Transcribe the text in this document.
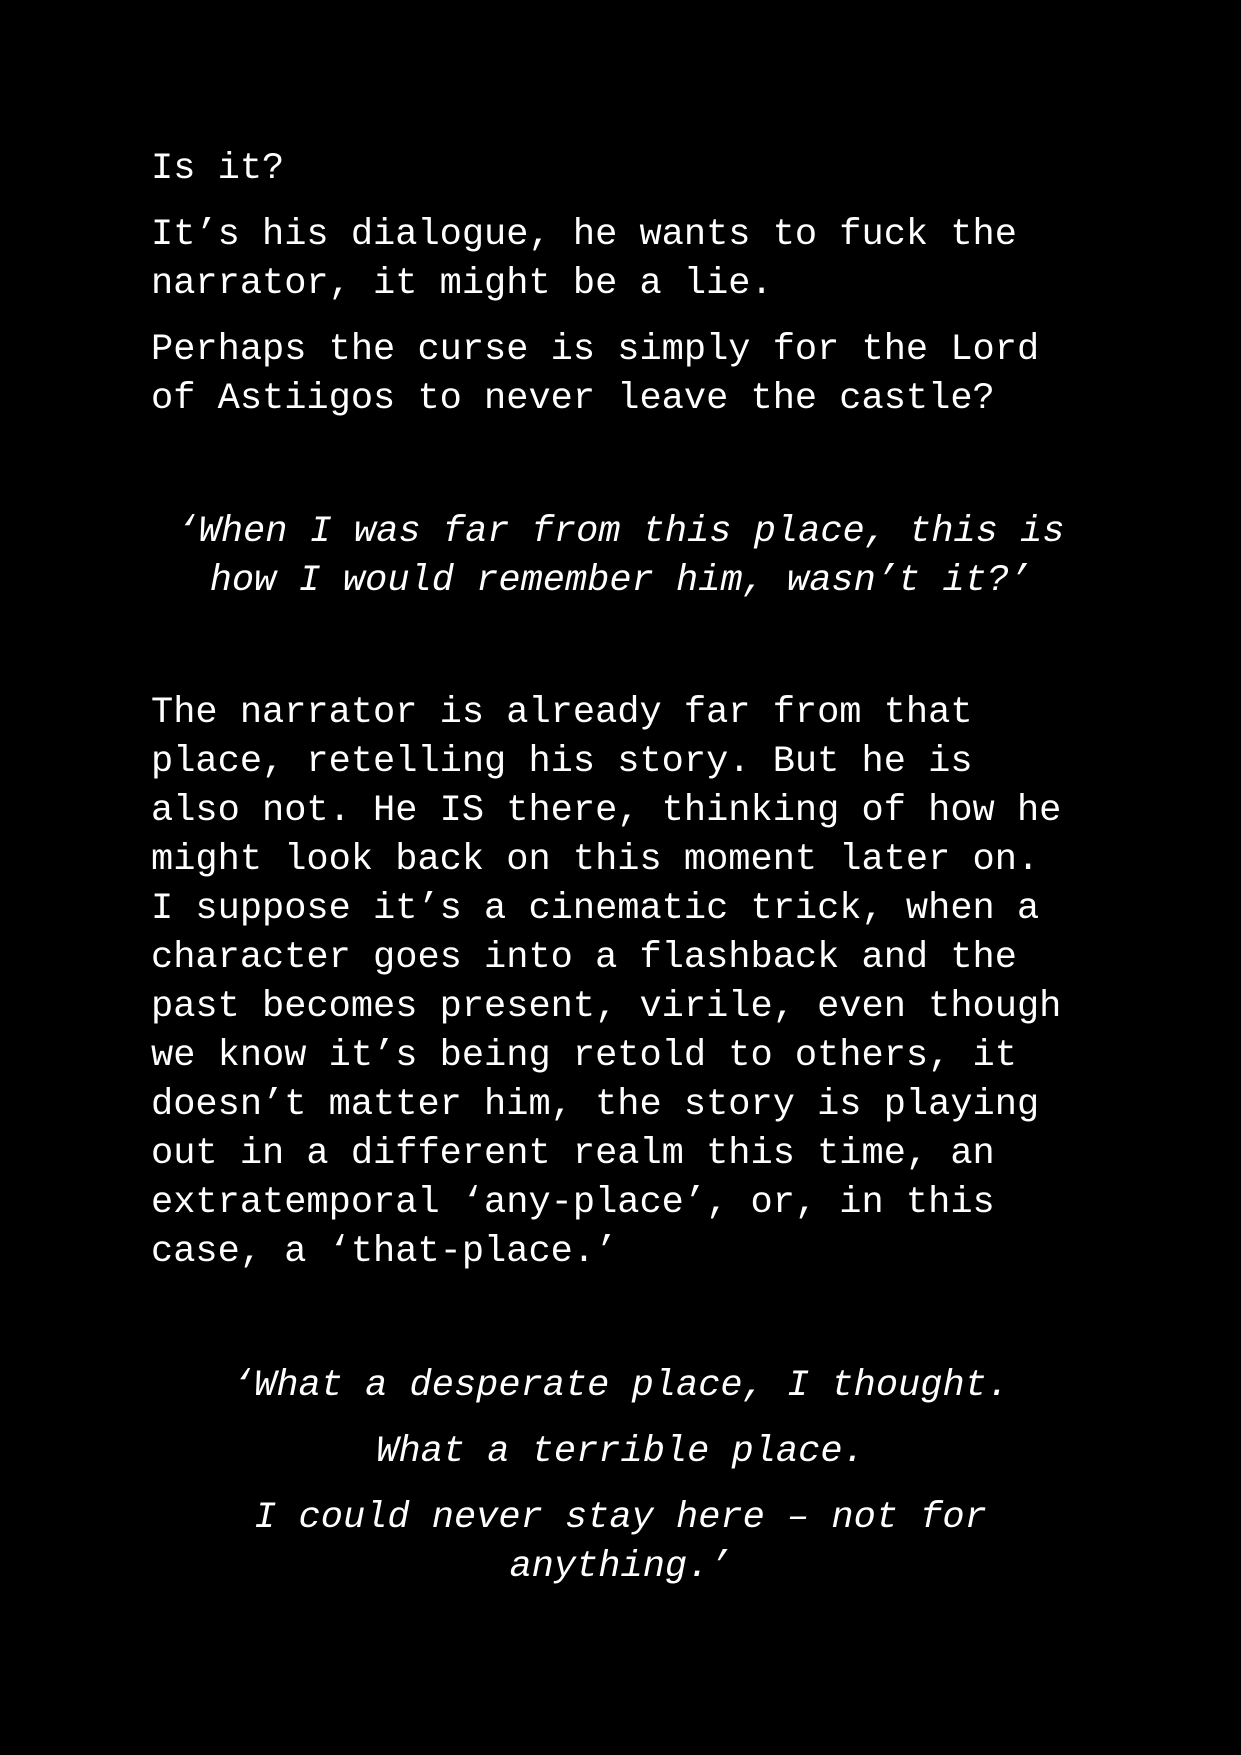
Is it?

It’s his dialogue, he wants to fuck the

narrator, it might be a lie.

Perhaps the curse is simply for the Lord

of Astiigos to never leave the castle?

‘When I was far from this place, this is

how I would remember him, wasn’t it?’

The narrator is already far from that

place, retelling his story. But he is

also not. He IS there, thinking of how he

might look back on this moment later on.

I suppose it’s a cinematic trick, when a

character goes into a flashback and the

past becomes present, virile, even though

we know it’s being retold to others, it

doesn’t matter him, the story is playing

out in a different realm this time, an

extratemporal ‘any-place’, or, in this

case, a ‘that-place.’

‘What a desperate place, I thought.

What a terrible place.

I could never stay here – not for

anything.’
